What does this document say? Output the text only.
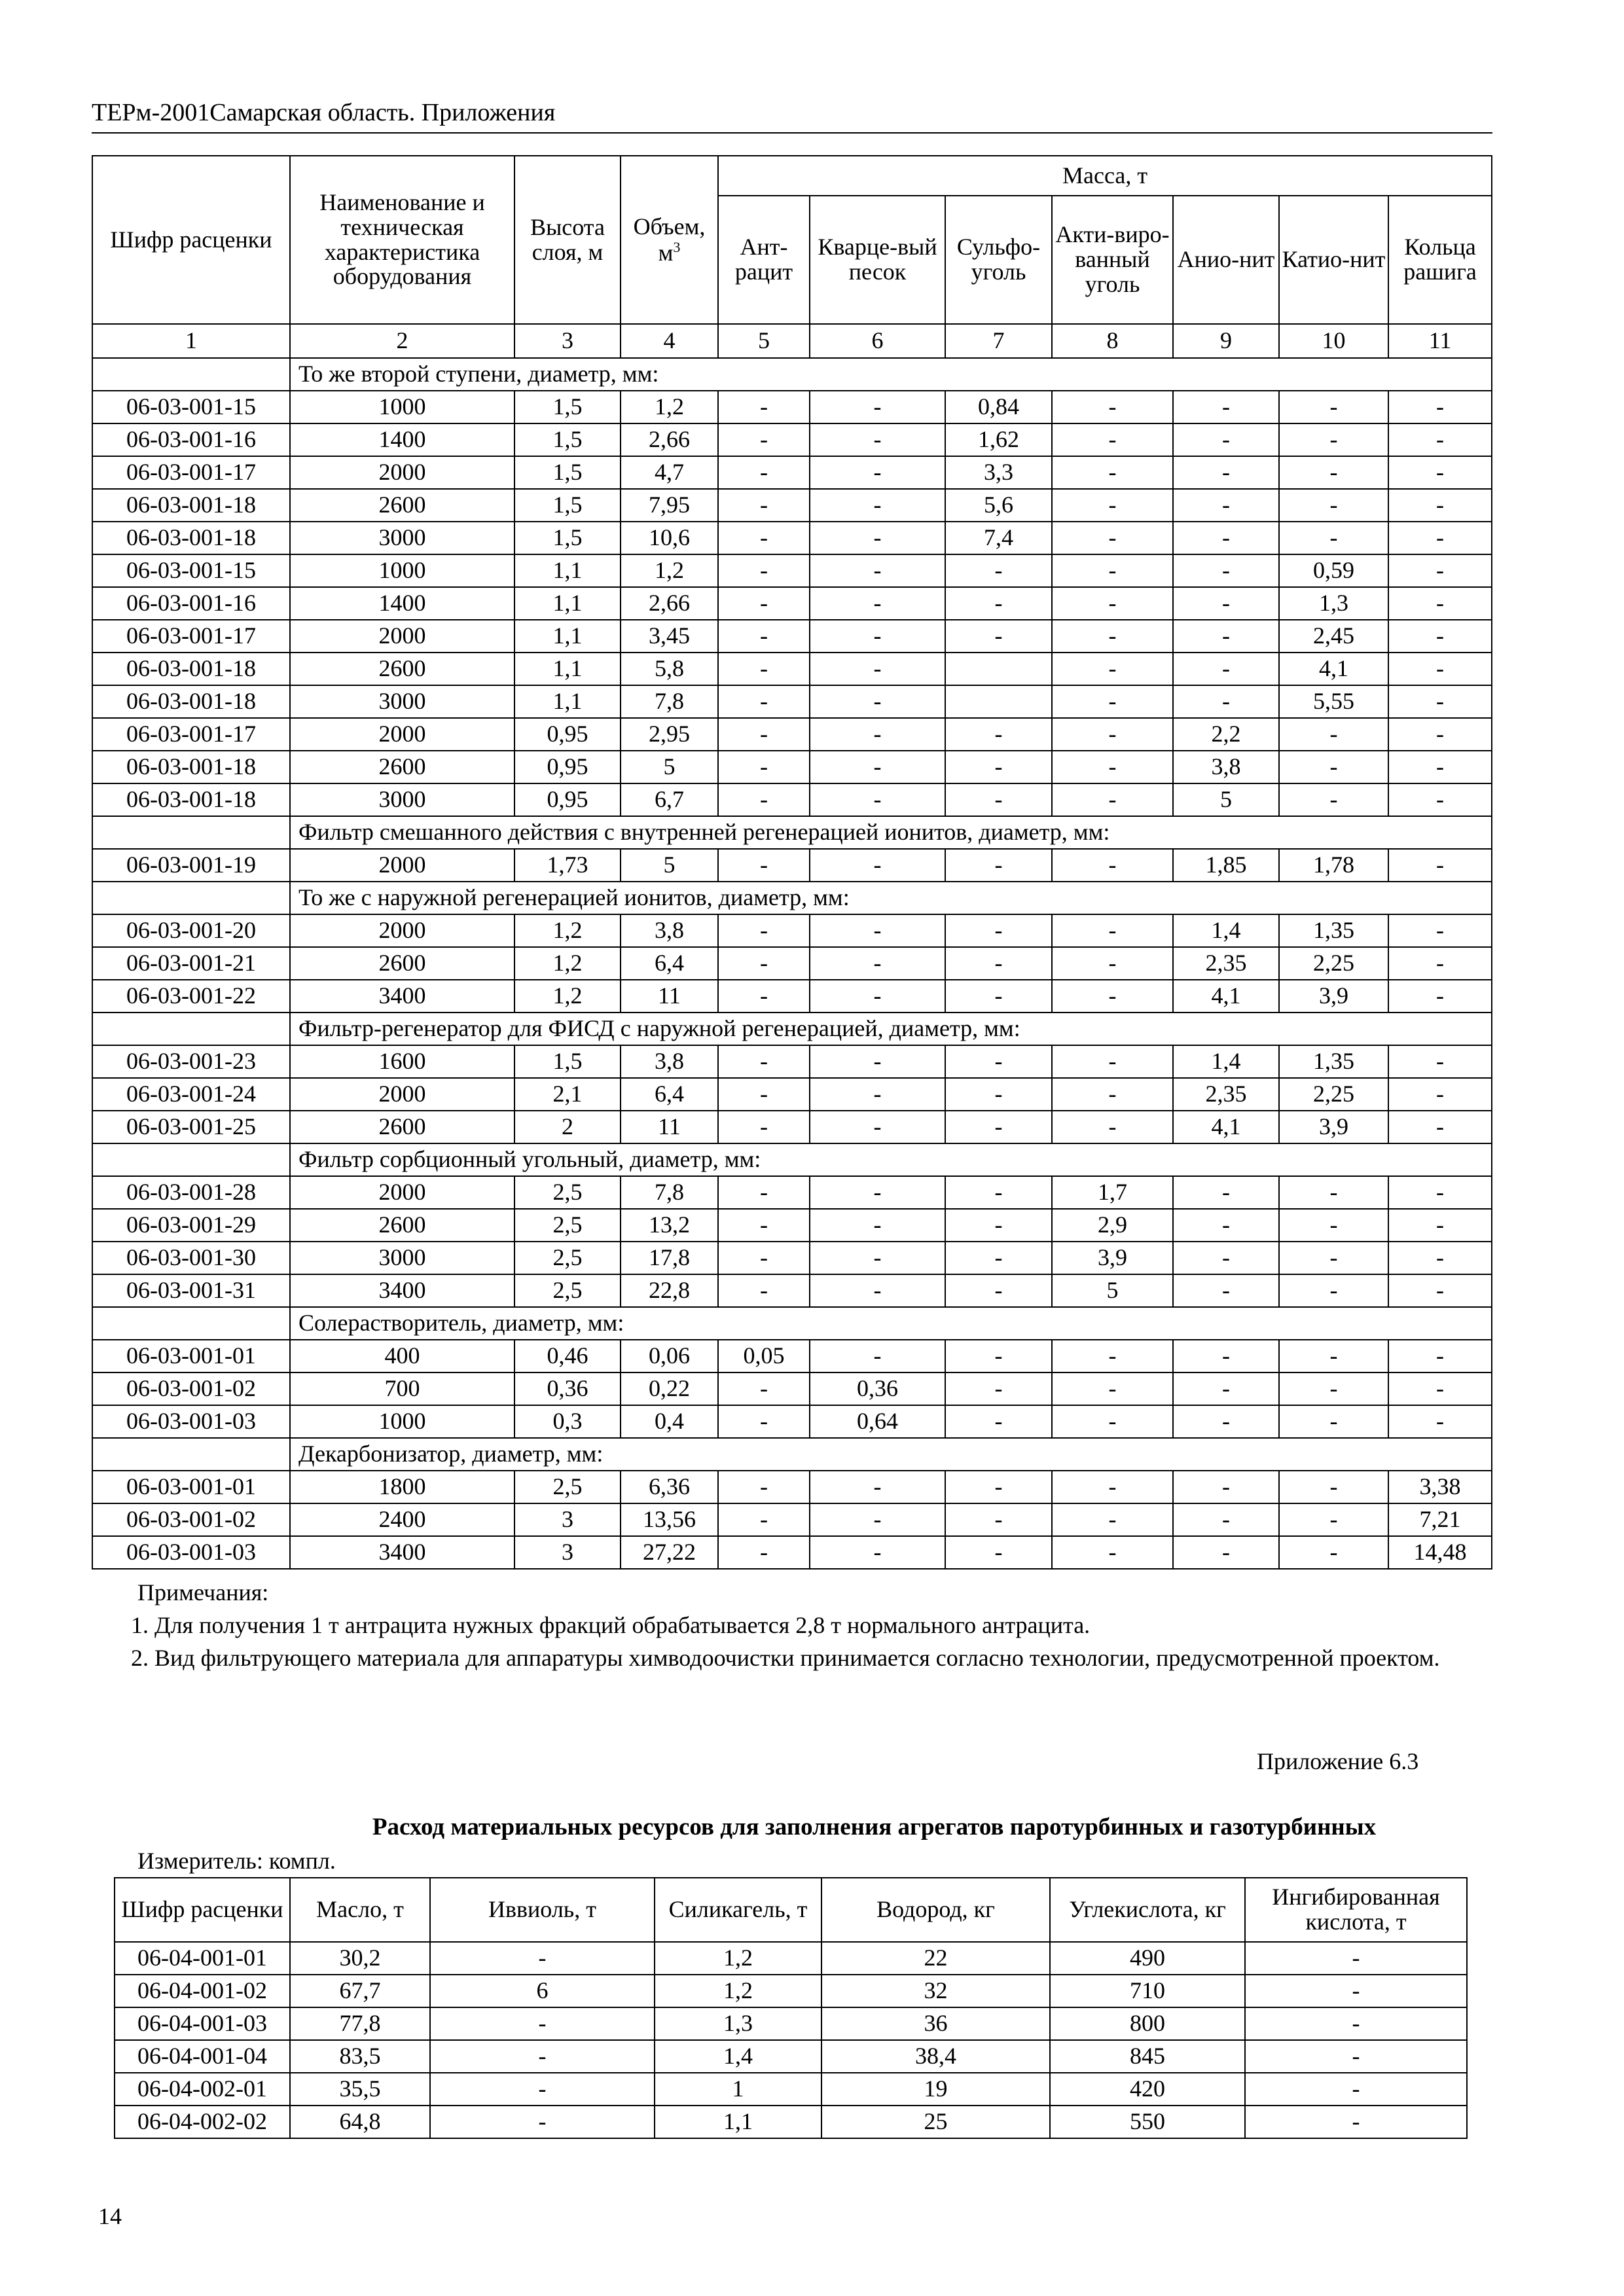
ТЕРм-2001Самарская область. Приложения
Шифр расценки	Наименование и техническая характеристика оборудования	Высота слоя, м	Объем, $м^3$	Масса, т						
				Ант-рацит	Кварце-вый песок	Сульфо-уголь	Акти-виро-ванный уголь	Анио-нит	Катио-нит	Кольца рашига
1	2	3	4	5	6	7	8	9	10	11
	То же второй ступени, диаметр, мм:									
06-03-001-15	1000	1,5	1,2	-	-	0,84	-	-	-	-
06-03-001-16	1400	1,5	2,66	-	-	1,62	-	-	-	-
06-03-001-17	2000	1,5	4,7	-	-	3,3	-	-	-	-
06-03-001-18	2600	1,5	7,95	-	-	5,6	-	-	-	-
06-03-001-18	3000	1,5	10,6	-	-	7,4	-	-	-	-
06-03-001-15	1000	1,1	1,2	-	-	-	-	-	0,59	-
06-03-001-16	1400	1,1	2,66	-	-	-	-	-	1,3	-
06-03-001-17	2000	1,1	3,45	-	-	-	-	-	2,45	-
06-03-001-18	2600	1,1	5,8	-	-		-	-	4,1	-
06-03-001-18	3000	1,1	7,8	-	-		-	-	5,55	-
06-03-001-17	2000	0,95	2,95	-	-	-	-	2,2	-	-
06-03-001-18	2600	0,95	5	-	-	-	-	3,8	-	-
06-03-001-18	3000	0,95	6,7	-	-	-	-	5	-	-
	Фильтр смешанного действия с внутренней регенерацией ионитов, диаметр, мм:									
06-03-001-19	2000	1,73	5	-	-	-	-	1,85	1,78	-
	То же с наружной регенерацией ионитов, диаметр, мм:									
06-03-001-20	2000	1,2	3,8	-	-	-	-	1,4	1,35	-
06-03-001-21	2600	1,2	6,4	-	-	-	-	2,35	2,25	-
06-03-001-22	3400	1,2	11	-	-	-	-	4,1	3,9	-
	Фильтр-регенератор для ФИСД с наружной регенерацией, диаметр, мм:									
06-03-001-23	1600	1,5	3,8	-	-	-	-	1,4	1,35	-
06-03-001-24	2000	2,1	6,4	-	-	-	-	2,35	2,25	-
06-03-001-25	2600	2	11	-	-	-	-	4,1	3,9	-
	Фильтр сорбционный угольный, диаметр, мм:									
06-03-001-28	2000	2,5	7,8	-	-	-	1,7	-	-	-
06-03-001-29	2600	2,5	13,2	-	-	-	2,9	-	-	-
06-03-001-30	3000	2,5	17,8	-	-	-	3,9	-	-	-
06-03-001-31	3400	2,5	22,8	-	-	-	5	-	-	-
	Солерастворитель, диаметр, мм:									
06-03-001-01	400	0,46	0,06	0,05	-	-	-	-	-	-
06-03-001-02	700	0,36	0,22	-	0,36	-	-	-	-	-
06-03-001-03	1000	0,3	0,4	-	0,64	-	-	-	-	-
	Декарбонизатор, диаметр, мм:									
06-03-001-01	1800	2,5	6,36	-	-	-	-	-	-	3,38
06-03-001-02	2400	3	13,56	-	-	-	-	-	-	7,21
06-03-001-03	3400	3	27,22	-	-	-	-	-	-	14,48

Примечания:

1. Для получения 1 т антрацита нужных фракций обрабатывается 2,8 т нормального антрацита.

2. Вид фильтрующего материала для аппаратуры химводоочистки принимается согласно технологии, предусмотренной проектом.

Приложение 6.3
Расход материальных ресурсов для заполнения агрегатов паротурбинных и газотурбинных
Измеритель: компл.
Шифр расценки	Масло, т	Иввиоль, т	Силикагель, т	Водород, кг	Углекислота, кг	Ингибированная кислота, т
06-04-001-01	30,2	-	1,2	22	490	-
06-04-001-02	67,7	6	1,2	32	710	-
06-04-001-03	77,8	-	1,3	36	800	-
06-04-001-04	83,5	-	1,4	38,4	845	-
06-04-002-01	35,5	-	1	19	420	-
06-04-002-02	64,8	-	1,1	25	550	-
14
